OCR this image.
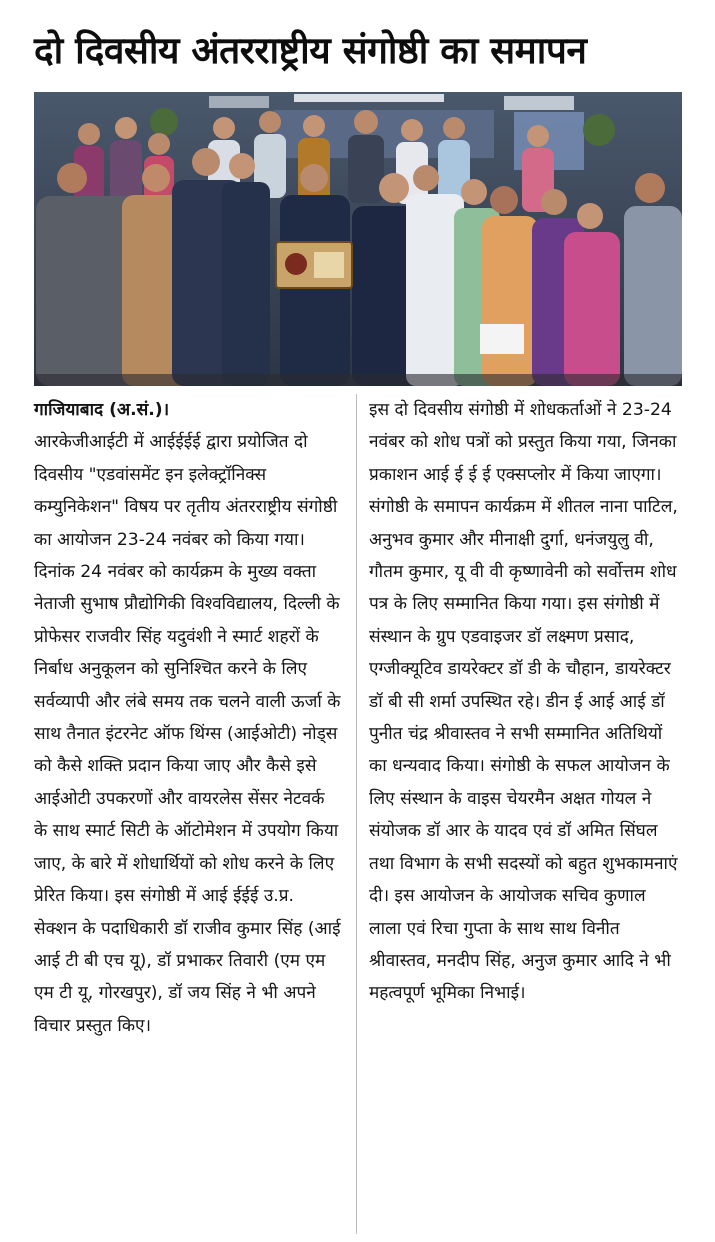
दो दिवसीय अंतरराष्ट्रीय संगोष्ठी का समापन
गाजियाबाद (अ.सं.)।
आरकेजीआईटी में आईईईई द्वारा प्रयोजित दो दिवसीय "एडवांसमेंट इन इलेक्ट्रॉनिक्स कम्युनिकेशन" विषय पर तृतीय अंतरराष्ट्रीय संगोष्ठी का आयोजन 23-24 नवंबर को किया गया। दिनांक 24 नवंबर को कार्यक्रम के मुख्य वक्ता नेताजी सुभाष प्रौद्योगिकी विश्वविद्यालय, दिल्ली के प्रोफेसर राजवीर सिंह यदुवंशी ने स्मार्ट शहरों के निर्बाध अनुकूलन को सुनिश्चित करने के लिए सर्वव्यापी और लंबे समय तक चलने वाली ऊर्जा के साथ तैनात इंटरनेट ऑफ थिंग्स (आईओटी) नोड्स को कैसे शक्ति प्रदान किया जाए और कैसे इसे आईओटी उपकरणों और वायरलेस सेंसर नेटवर्क के साथ स्मार्ट सिटी के ऑटोमेशन में उपयोग किया जाए, के बारे में शोधार्थियों को शोध करने के लिए प्रेरित किया। इस संगोष्ठी में आई ईईई उ.प्र. सेक्शन के पदाधिकारी डॉ राजीव कुमार सिंह (आई आई टी बी एच यू), डॉ प्रभाकर तिवारी (एम एम एम टी यू, गोरखपुर), डॉ जय सिंह ने भी अपने विचार प्रस्तुत किए।
इस दो दिवसीय संगोष्ठी में शोधकर्ताओं ने 23-24 नवंबर को शोध पत्रों को प्रस्तुत किया गया, जिनका प्रकाशन आई ई ई ई एक्सप्लोर में किया जाएगा। संगोष्ठी के समापन कार्यक्रम में शीतल नाना पाटिल, अनुभव कुमार और मीनाक्षी दुर्गा, धनंजयुलु वी, गौतम कुमार, यू वी वी कृष्णावेनी को सर्वोत्तम शोध पत्र के लिए सम्मानित किया गया। इस संगोष्ठी में संस्थान के ग्रुप एडवाइजर डॉ लक्ष्मण प्रसाद, एग्जीक्यूटिव डायरेक्टर डॉ डी के चौहान, डायरेक्टर डॉ बी सी शर्मा उपस्थित रहे। डीन ई आई आई डॉ पुनीत चंद्र श्रीवास्तव ने सभी सम्मानित अतिथियों का धन्यवाद किया। संगोष्ठी के सफल आयोजन के लिए संस्थान के वाइस चेयरमैन अक्षत गोयल ने संयोजक डॉ आर के यादव एवं डॉ अमित सिंघल तथा विभाग के सभी सदस्यों को बहुत शुभकामनाएं दी। इस आयोजन के आयोजक सचिव कुणाल लाला एवं रिचा गुप्ता के साथ साथ विनीत श्रीवास्तव, मनदीप सिंह, अनुज कुमार आदि ने भी महत्वपूर्ण भूमिका निभाई।
